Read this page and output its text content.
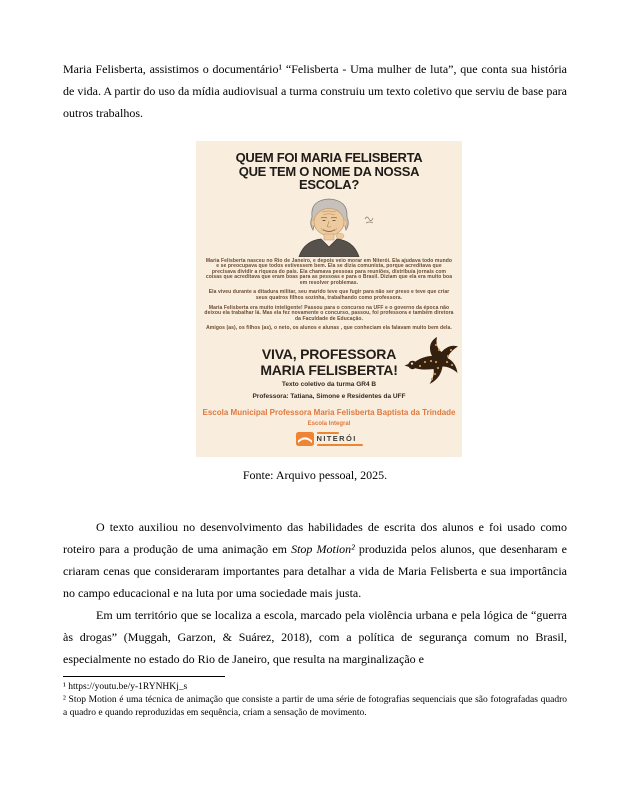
Maria Felisberta, assistimos o documentário¹ “Felisberta - Uma mulher de luta”, que conta sua história de vida. A partir do uso da mídia audiovisual a turma construiu um texto coletivo que serviu de base para outros trabalhos.

QUEM FOI MARIA FELISBERTA QUE TEM O NOME DA NOSSA ESCOLA?

Maria Felisberta nasceu no Rio de Janeiro, e depois veio morar em Niterói. Ela ajudava todo mundo e se preocupava que todos estivessem bem. Ela se dizia comunista, porque acreditava que precisava dividir a riqueza do país. Ela chamava pessoas para reuniões, distribuía jornais com coisas que acreditava que eram boas para as pessoas e para o Brasil. Diziam que ela era muito boa em resolver problemas.

Ela viveu durante a ditadura militar, seu marido teve que fugir para não ser preso e teve que criar seus quatros filhos sozinha, trabalhando como professora.

Maria Felisberta era muito inteligente! Passou para o concurso na UFF e o governo da época não deixou ela trabalhar lá. Mas ela fez novamente o concurso, passou, foi professora e também diretora da Faculdade de Educação.

Amigos (as), os filhos (as), o neto, os alunos e alunas , que conheciam ela falavam muito bem dela.

VIVA, PROFESSORA MARIA FELISBERTA!
Texto coletivo da turma GR4 B
Professora: Tatiana, Simone e Residentes da UFF
Escola Municipal Professora Maria Felisberta Baptista da Trindade
Escola Integral
NITERÓI

Fonte: Arquivo pessoal, 2025.

O texto auxiliou no desenvolvimento das habilidades de escrita dos alunos e foi usado como roteiro para a produção de uma animação em Stop Motion² produzida pelos alunos, que desenharam e criaram cenas que consideraram importantes para detalhar a vida de Maria Felisberta e sua importância no campo educacional e na luta por uma sociedade mais justa.

Em um território que se localiza a escola, marcado pela violência urbana e pela lógica de “guerra às drogas” (Muggah, Garzon, & Suárez, 2018), com a política de segurança comum no Brasil, especialmente no estado do Rio de Janeiro, que resulta na marginalização e

¹ https://youtu.be/y-1RYNHKj_s

² Stop Motion é uma técnica de animação que consiste a partir de uma série de fotografias sequenciais que são fotografadas quadro a quadro e quando reproduzidas em sequência, criam a sensação de movimento.
